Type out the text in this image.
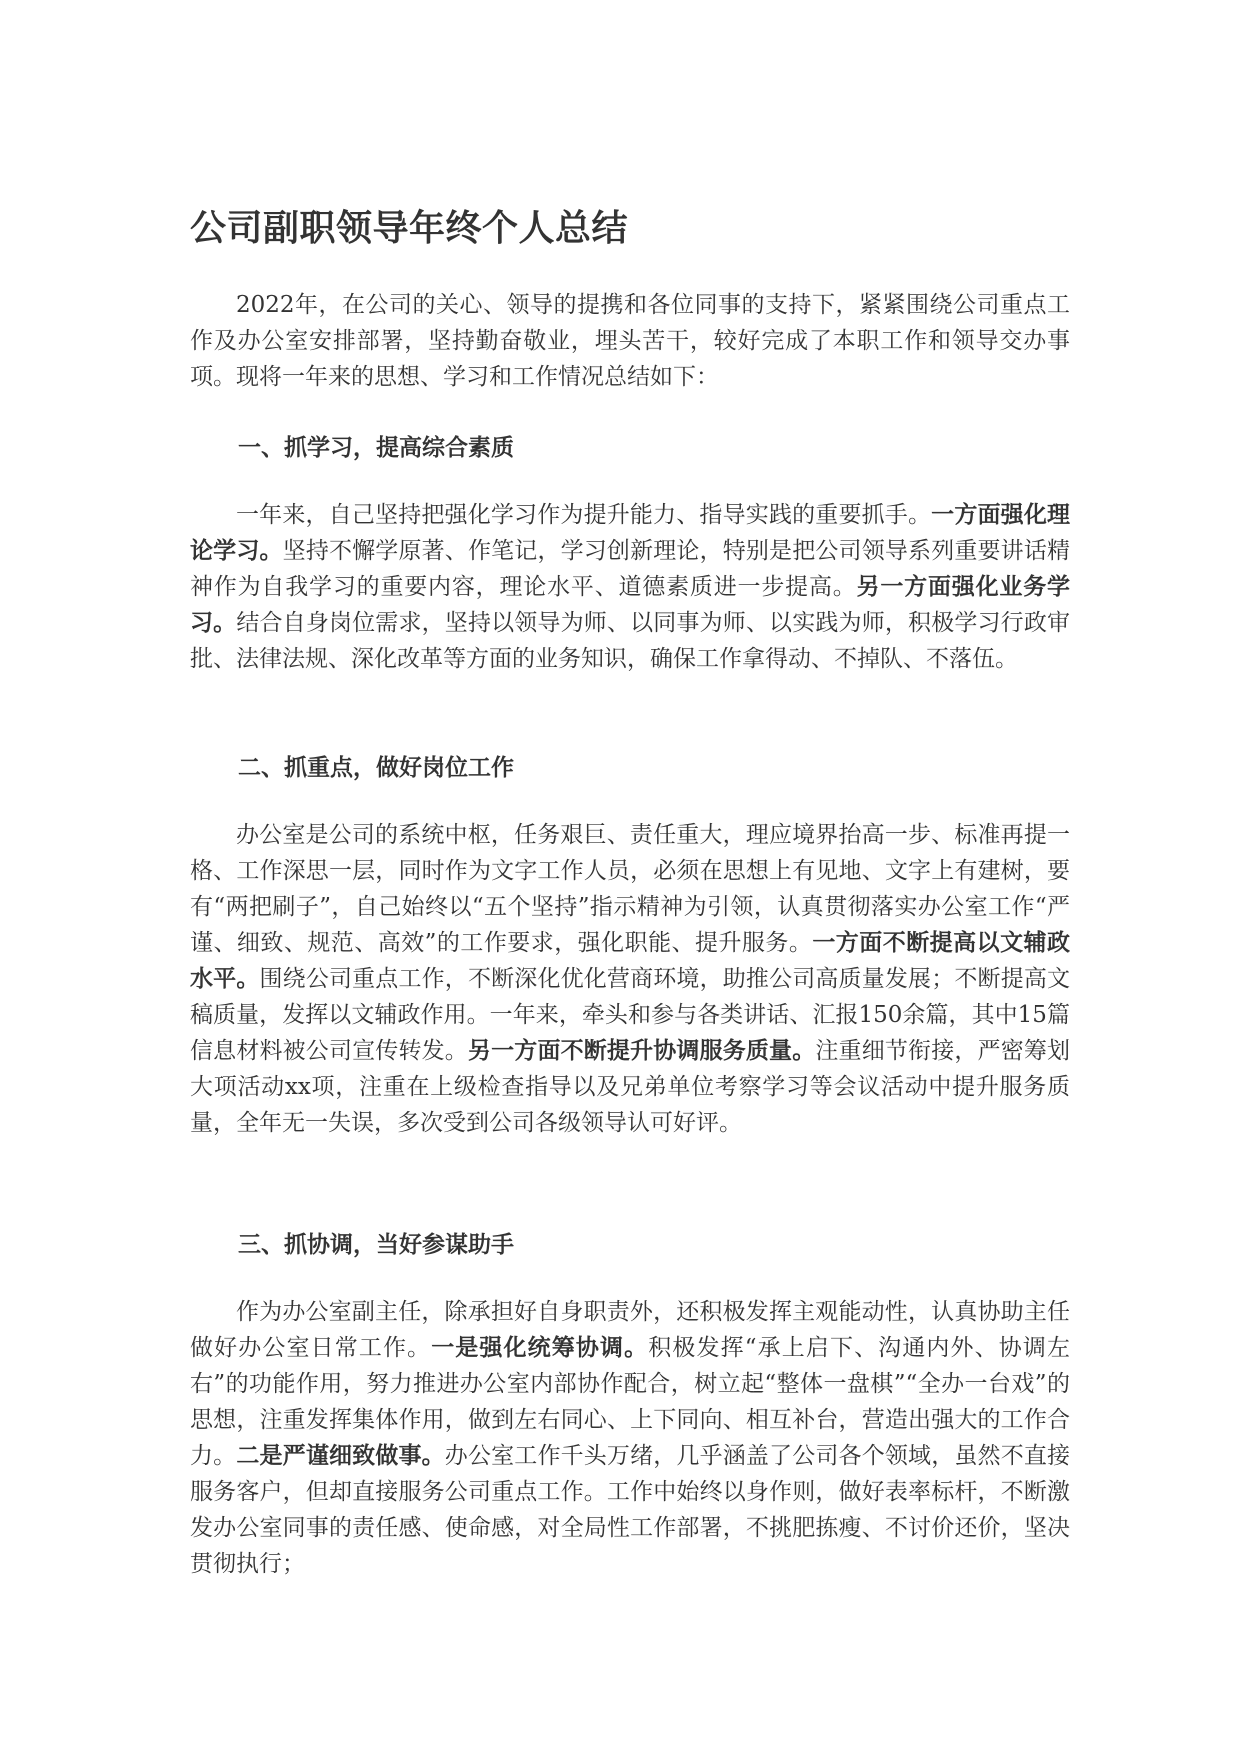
公司副职领导年终个人总结

2022年，在公司的关心、领导的提携和各位同事的支持下，紧紧围绕公司重点工作及办公室安排部署，坚持勤奋敬业，埋头苦干，较好完成了本职工作和领导交办事项。现将一年来的思想、学习和工作情况总结如下：

一、抓学习，提高综合素质

一年来，自己坚持把强化学习作为提升能力、指导实践的重要抓手。一方面强化理论学习。坚持不懈学原著、作笔记，学习创新理论，特别是把公司领导系列重要讲话精神作为自我学习的重要内容，理论水平、道德素质进一步提高。另一方面强化业务学习。结合自身岗位需求，坚持以领导为师、以同事为师、以实践为师，积极学习行政审批、法律法规、深化改革等方面的业务知识，确保工作拿得动、不掉队、不落伍。

二、抓重点，做好岗位工作

办公室是公司的系统中枢，任务艰巨、责任重大，理应境界抬高一步、标准再提一格、工作深思一层，同时作为文字工作人员，必须在思想上有见地、文字上有建树，要有“两把刷子”，自己始终以“五个坚持”指示精神为引领，认真贯彻落实办公室工作“严谨、细致、规范、高效”的工作要求，强化职能、提升服务。一方面不断提高以文辅政水平。围绕公司重点工作，不断深化优化营商环境，助推公司高质量发展；不断提高文稿质量，发挥以文辅政作用。一年来，牵头和参与各类讲话、汇报150余篇，其中15篇信息材料被公司宣传转发。另一方面不断提升协调服务质量。注重细节衔接，严密筹划大项活动xx项，注重在上级检查指导以及兄弟单位考察学习等会议活动中提升服务质量，全年无一失误，多次受到公司各级领导认可好评。

三、抓协调，当好参谋助手

作为办公室副主任，除承担好自身职责外，还积极发挥主观能动性，认真协助主任做好办公室日常工作。一是强化统筹协调。积极发挥“承上启下、沟通内外、协调左右”的功能作用，努力推进办公室内部协作配合，树立起“整体一盘棋”“全办一台戏”的思想，注重发挥集体作用，做到左右同心、上下同向、相互补台，营造出强大的工作合力。二是严谨细致做事。办公室工作千头万绪，几乎涵盖了公司各个领域，虽然不直接服务客户，但却直接服务公司重点工作。工作中始终以身作则，做好表率标杆，不断激发办公室同事的责任感、使命感，对全局性工作部署，不挑肥拣瘦、不讨价还价，坚决贯彻执行；
